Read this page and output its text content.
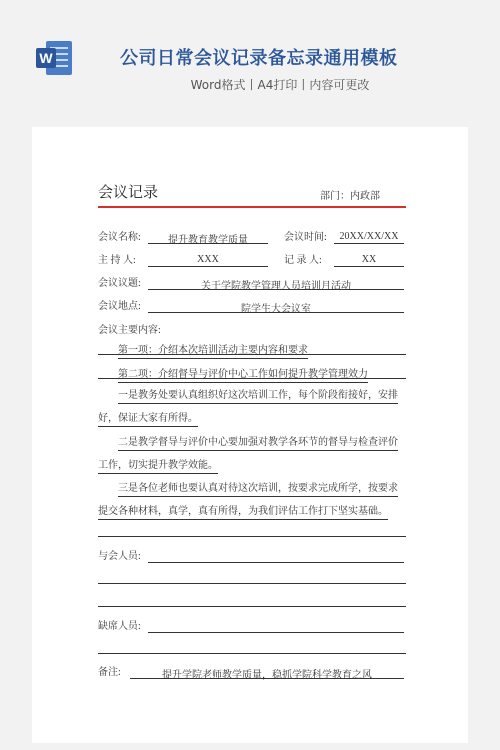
W	公司日常会议记录备忘录通用模板
Word格式丨A4打印丨内容可更改
会议记录	部门：内政部
会议名称:	提升教育教学质量	会议时间:	20XX/XX/XX
主 持 人:	XXX	记 录 人:	XX
会议议题:	关于学院教学管理人员培训月活动
会议地点:	院学生大会议室
会议主要内容:
第一项：介绍本次培训活动主要内容和要求
第二项：介绍督导与评价中心工作如何提升教学管理效力
一是教务处要认真组织好这次培训工作，每个阶段衔接好，安排好，保证大家有所得。
二是教学督导与评价中心要加强对教学各环节的督导与检查评价工作，切实提升教学效能。
三是各位老师也要认真对待这次培训，按要求完成所学，按要求提交各种材料，真学，真有所得，为我们评估工作打下坚实基础。
与会人员:
缺席人员:
备注:	提升学院老师教学质量，稳抓学院科学教育之风
